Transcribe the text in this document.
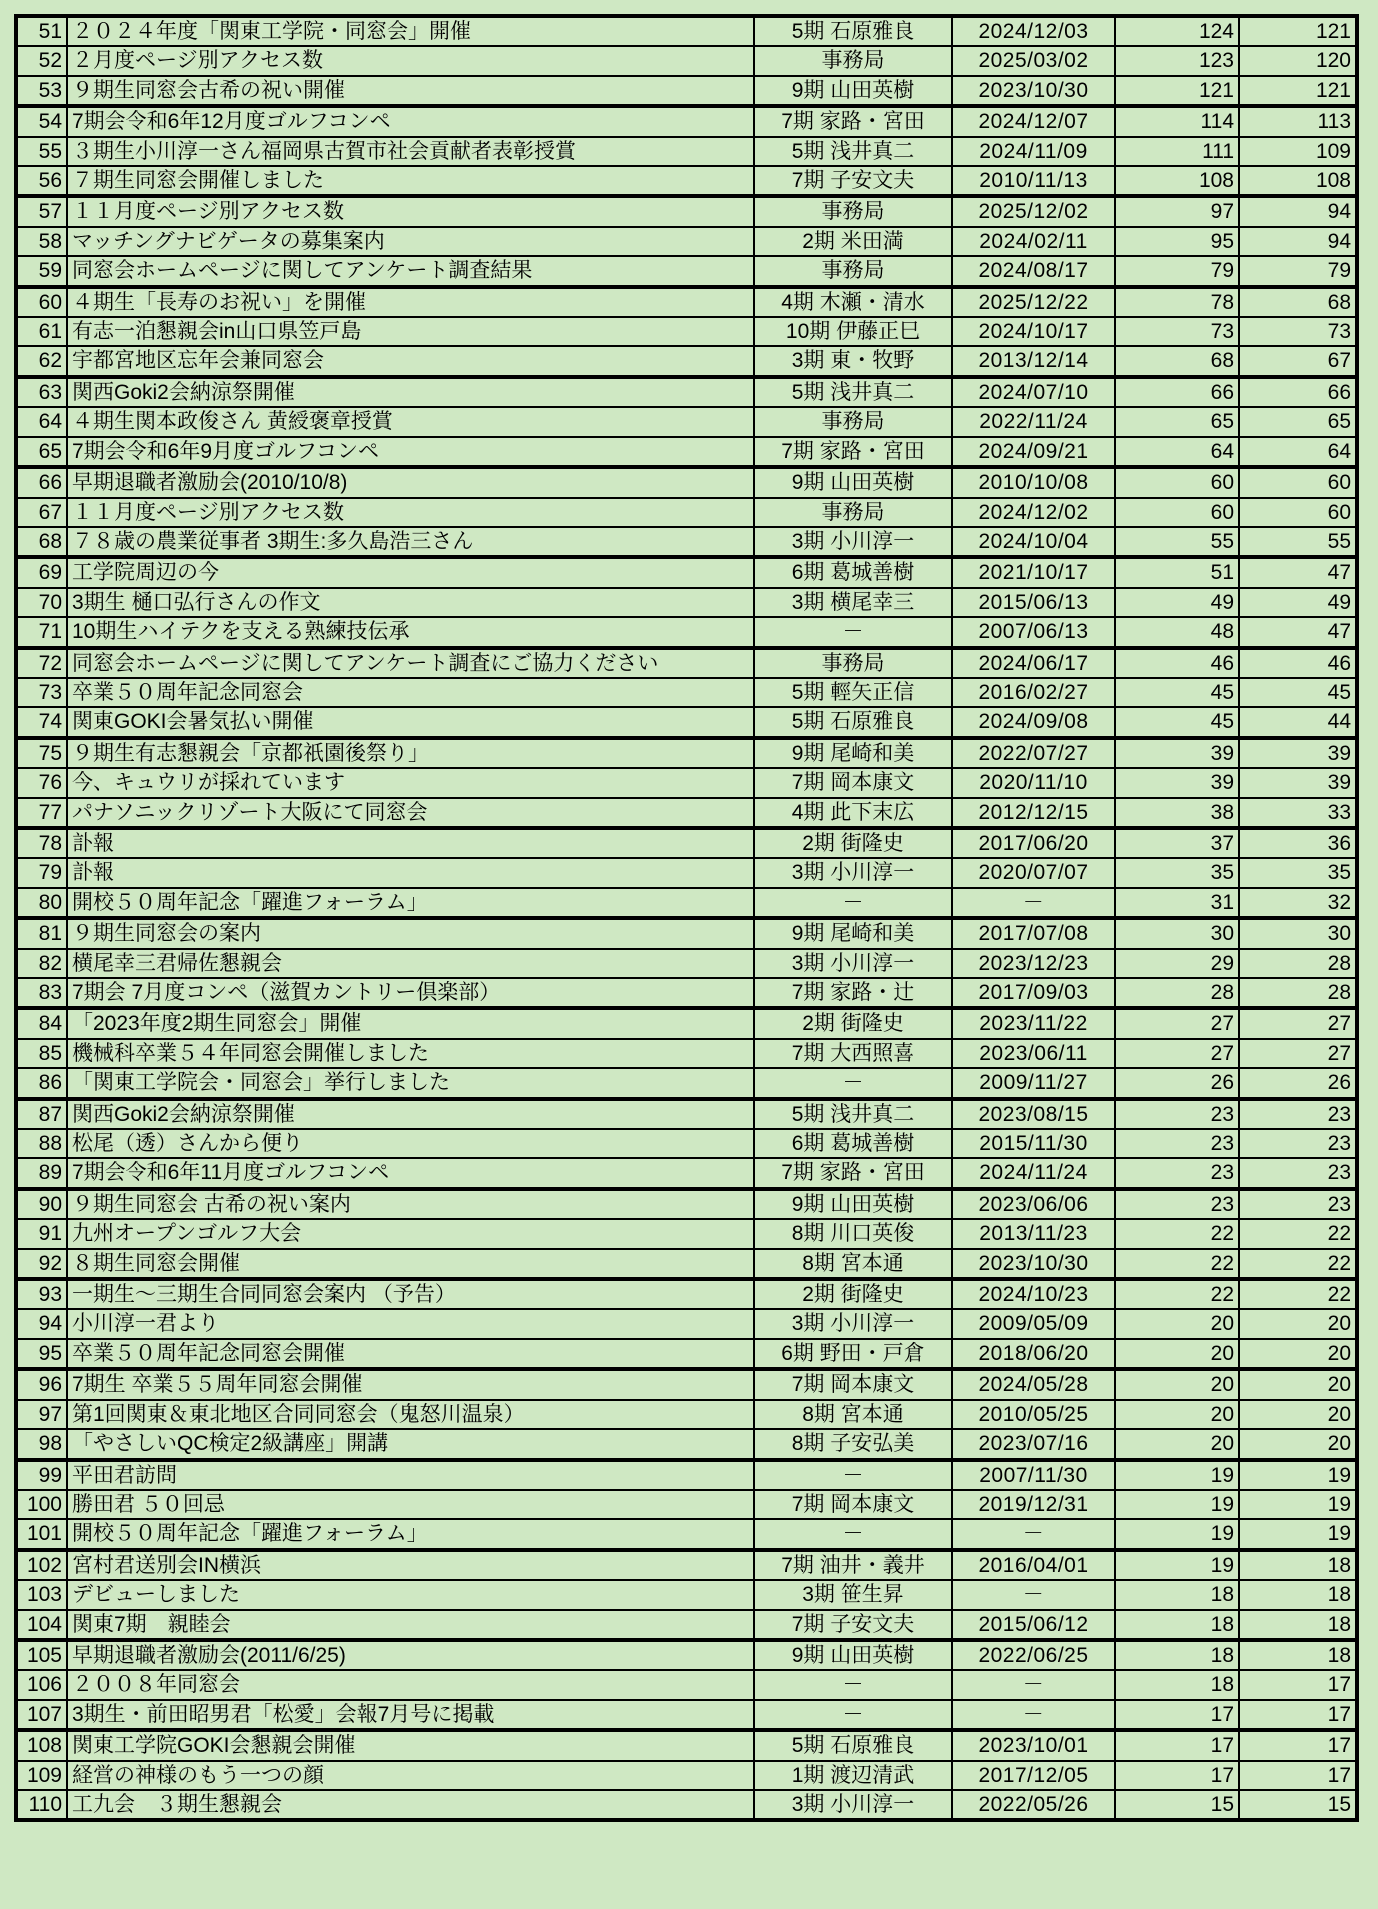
51	２０２４年度「関東工学院・同窓会」開催	5期 石原雅良	2024/12/03	124	121
52	２月度ページ別アクセス数	事務局	2025/03/02	123	120
53	９期生同窓会古希の祝い開催	9期 山田英樹	2023/10/30	121	121
54	7期会令和6年12月度ゴルフコンペ	7期 家路・宮田	2024/12/07	114	113
55	３期生小川淳一さん福岡県古賀市社会貢献者表彰授賞	5期 浅井真二	2024/11/09	111	109
56	７期生同窓会開催しました	7期 子安文夫	2010/11/13	108	108
57	１１月度ページ別アクセス数	事務局	2025/12/02	97	94
58	マッチングナビゲータの募集案内	2期 米田満	2024/02/11	95	94
59	同窓会ホームページに関してアンケート調査結果	事務局	2024/08/17	79	79
60	４期生「長寿のお祝い」を開催	4期 木瀬・清水	2025/12/22	78	68
61	有志一泊懇親会in山口県笠戸島	10期 伊藤正巳	2024/10/17	73	73
62	宇都宮地区忘年会兼同窓会	3期 東・牧野	2013/12/14	68	67
63	関西Goki2会納涼祭開催	5期 浅井真二	2024/07/10	66	66
64	４期生関本政俊さん 黄綬褒章授賞	事務局	2022/11/24	65	65
65	7期会令和6年9月度ゴルフコンペ	7期 家路・宮田	2024/09/21	64	64
66	早期退職者激励会(2010/10/8)	9期 山田英樹	2010/10/08	60	60
67	１１月度ページ別アクセス数	事務局	2024/12/02	60	60
68	７８歳の農業従事者 3期生:多久島浩三さん	3期 小川淳一	2024/10/04	55	55
69	工学院周辺の今	6期 葛城善樹	2021/10/17	51	47
70	3期生 樋口弘行さんの作文	3期 横尾幸三	2015/06/13	49	49
71	10期生ハイテクを支える熟練技伝承	－	2007/06/13	48	47
72	同窓会ホームページに関してアンケート調査にご協力ください	事務局	2024/06/17	46	46
73	卒業５０周年記念同窓会	5期 輕矢正信	2016/02/27	45	45
74	関東GOKI会暑気払い開催	5期 石原雅良	2024/09/08	45	44
75	９期生有志懇親会「京都祇園後祭り」	9期 尾崎和美	2022/07/27	39	39
76	今、キュウリが採れています	7期 岡本康文	2020/11/10	39	39
77	パナソニックリゾート大阪にて同窓会	4期 此下末広	2012/12/15	38	33
78	訃報	2期 街隆史	2017/06/20	37	36
79	訃報	3期 小川淳一	2020/07/07	35	35
80	開校５０周年記念「躍進フォーラム」	－	－	31	32
81	９期生同窓会の案内	9期 尾崎和美	2017/07/08	30	30
82	横尾幸三君帰佐懇親会	3期 小川淳一	2023/12/23	29	28
83	7期会 7月度コンペ（滋賀カントリー倶楽部）	7期 家路・辻	2017/09/03	28	28
84	「2023年度2期生同窓会」開催	2期 街隆史	2023/11/22	27	27
85	機械科卒業５４年同窓会開催しました	7期 大西照喜	2023/06/11	27	27
86	「関東工学院会・同窓会」挙行しました	－	2009/11/27	26	26
87	関西Goki2会納涼祭開催	5期 浅井真二	2023/08/15	23	23
88	松尾（透）さんから便り	6期 葛城善樹	2015/11/30	23	23
89	7期会令和6年11月度ゴルフコンペ	7期 家路・宮田	2024/11/24	23	23
90	９期生同窓会 古希の祝い案内	9期 山田英樹	2023/06/06	23	23
91	九州オープンゴルフ大会	8期 川口英俊	2013/11/23	22	22
92	８期生同窓会開催	8期 宮本通	2023/10/30	22	22
93	一期生〜三期生合同同窓会案内 （予告）	2期 街隆史	2024/10/23	22	22
94	小川淳一君より	3期 小川淳一	2009/05/09	20	20
95	卒業５０周年記念同窓会開催	6期 野田・戸倉	2018/06/20	20	20
96	7期生 卒業５５周年同窓会開催	7期 岡本康文	2024/05/28	20	20
97	第1回関東＆東北地区合同同窓会（鬼怒川温泉）	8期 宮本通	2010/05/25	20	20
98	「やさしいQC検定2級講座」開講	8期 子安弘美	2023/07/16	20	20
99	平田君訪問	－	2007/11/30	19	19
100	勝田君 ５０回忌	7期 岡本康文	2019/12/31	19	19
101	開校５０周年記念「躍進フォーラム」	－	－	19	19
102	宮村君送別会IN横浜	7期 油井・義井	2016/04/01	19	18
103	デビューしました	3期 笹生昇	－	18	18
104	関東7期　親睦会	7期 子安文夫	2015/06/12	18	18
105	早期退職者激励会(2011/6/25)	9期 山田英樹	2022/06/25	18	18
106	２００８年同窓会	－	－	18	17
107	3期生・前田昭男君「松愛」会報7月号に掲載	－	－	17	17
108	関東工学院GOKI会懇親会開催	5期 石原雅良	2023/10/01	17	17
109	経営の神様のもう一つの顔	1期 渡辺清武	2017/12/05	17	17
110	工九会　３期生懇親会	3期 小川淳一	2022/05/26	15	15
